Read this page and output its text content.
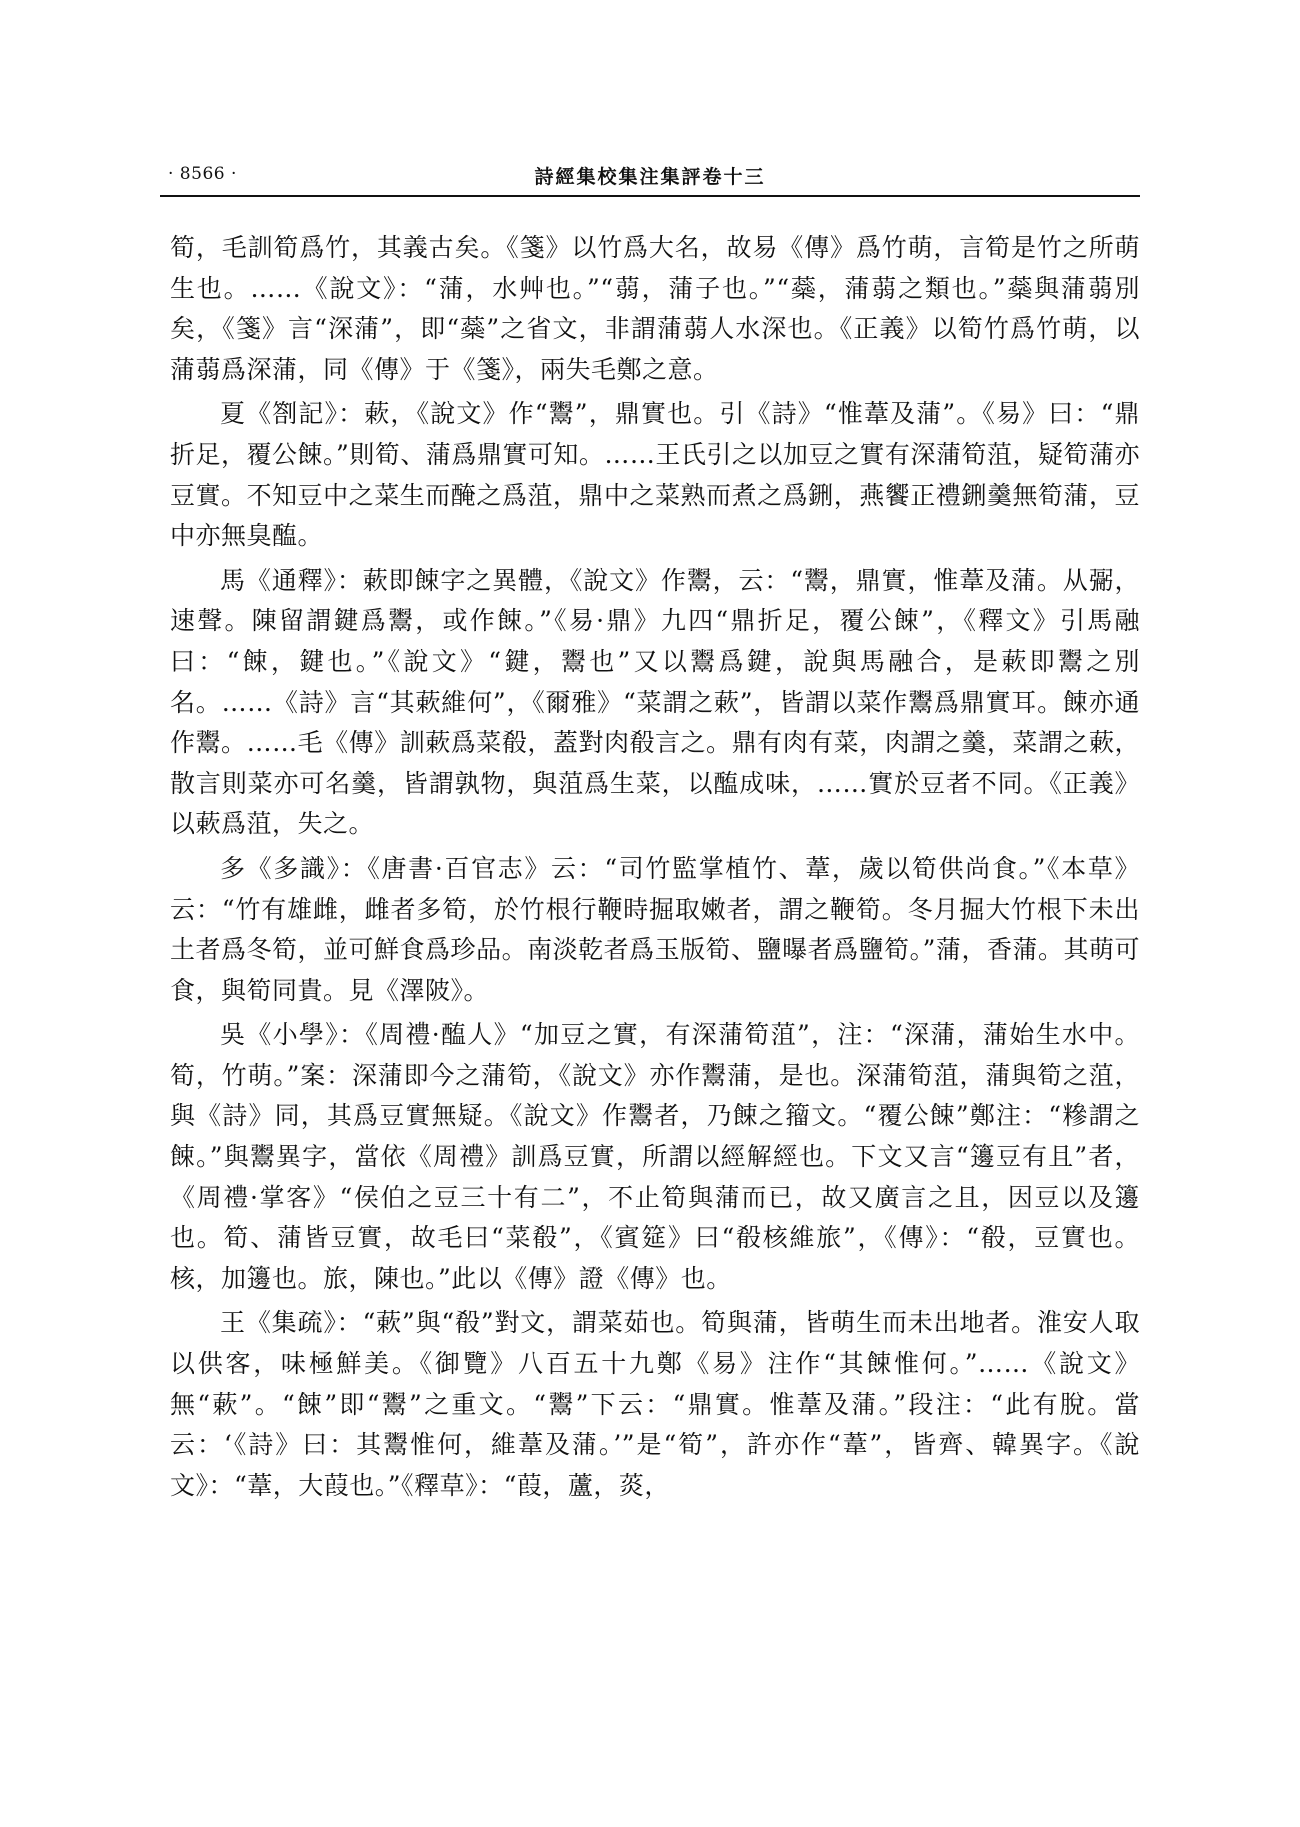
· 8566 ·	詩經集校集注集評卷十三

筍，毛訓筍爲竹，其義古矣。《箋》以竹爲大名，故易《傳》爲竹萌，言筍是竹之所萌生也。……《說文》：“蒲，水艸也。”“蒻，蒲子也。”“蘂，蒲蒻之類也。”蘂與蒲蒻別矣，《箋》言“深蒲”，即“蘂”之省文，非謂蒲蒻人水深也。《正義》以筍竹爲竹萌，以蒲蒻爲深蒲，同《傳》于《箋》，兩失毛鄭之意。

夏《劄記》：蔌，《說文》作“鬻”，鼎實也。引《詩》“惟葦及蒲”。《易》曰：“鼎折足，覆公餗。”則筍、蒲爲鼎實可知。……王氏引之以加豆之實有深蒲筍菹，疑筍蒲亦豆實。不知豆中之菜生而醃之爲菹，鼎中之菜熟而煮之爲鉶，燕饗正禮鉶羹無筍蒲，豆中亦無臭醢。

馬《通釋》：蔌即餗字之異體，《說文》作鬻，云：“鬻，鼎實，惟葦及蒲。从䰜，速聲。陳留謂鍵爲鬻，或作餗。”《易·鼎》九四“鼎折足，覆公餗”，《釋文》引馬融曰：“餗，鍵也。”《說文》“鍵，鬻也”又以鬻爲鍵，說與馬融合，是蔌即鬻之別名。……《詩》言“其蔌維何”，《爾雅》“菜謂之蔌”，皆謂以菜作鬻爲鼎實耳。餗亦通作鬻。……毛《傳》訓蔌爲菜殽，蓋對肉殽言之。鼎有肉有菜，肉謂之羹，菜謂之蔌，散言則菜亦可名羹，皆謂孰物，與菹爲生菜，以醢成味，……實於豆者不同。《正義》以蔌爲菹，失之。

多《多識》：《唐書·百官志》云：“司竹監掌植竹、葦，歲以筍供尚食。”《本草》云：“竹有雄雌，雌者多筍，於竹根行鞭時掘取嫩者，謂之鞭筍。冬月掘大竹根下未出土者爲冬筍，並可鮮食爲珍品。南淡乾者爲玉版筍、鹽曝者爲鹽筍。”蒲，香蒲。其萌可食，與筍同貴。見《澤陂》。

吳《小學》：《周禮·醢人》“加豆之實，有深蒲筍菹”，注：“深蒲，蒲始生水中。筍，竹萌。”案：深蒲即今之蒲筍，《說文》亦作鬻蒲，是也。深蒲筍菹，蒲與筍之菹，與《詩》同，其爲豆實無疑。《說文》作鬻者，乃餗之籀文。“覆公餗”鄭注：“糝謂之餗。”與鬻異字，當依《周禮》訓爲豆實，所謂以經解經也。下文又言“籩豆有且”者，《周禮·掌客》“侯伯之豆三十有二”，不止筍與蒲而已，故又廣言之且，因豆以及籩也。筍、蒲皆豆實，故毛曰“菜殽”，《賓筵》曰“殽核維旅”，《傳》：“殽，豆實也。核，加籩也。旅，陳也。”此以《傳》證《傳》也。

王《集疏》：“蔌”與“殽”對文，謂菜茹也。筍與蒲，皆萌生而未出地者。淮安人取以供客，味極鮮美。《御覽》八百五十九鄭《易》注作“其餗惟何。”……《說文》無“蔌”。“餗”即“鬻”之重文。“鬻”下云：“鼎實。惟葦及蒲。”段注：“此有脫。當云：‘《詩》曰：其鬻惟何，維葦及蒲。’”是“筍”，許亦作“葦”，皆齊、韓異字。《說文》：“葦，大葭也。”《釋草》：“葭，蘆，菼，
